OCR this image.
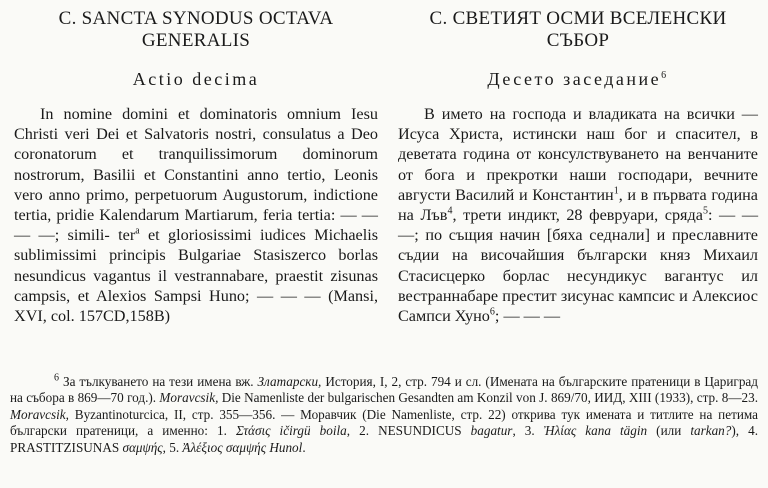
C. SANCTA SYNODUS OCTAVA GENERALIS
Actio decima
In nomine domini et dominatoris omnium Iesu Christi veri Dei et Salvatoris nostri, consulatus a Deo coronatorum et tranquilissimorum dominorum nostrorum, Basilii et Constantini anno tertio, Leonis vero anno primo, perpetuorum Augustorum, indictione tertia, pridie Kalendarum Martiarum, feria tertia: — — — —; simili- ter$^a$ et gloriosissimi iudices Michaelis sublimissimi principis Bulgariae Stasiszerco borlas nesundicus vagantus il vestrannabare, praestit zisunas campsis, et Alexios Sampsi Huno; — — — (Mansi, XVI, col. 157CD,158B)
C. СВЕТИЯТ ОСМИ ВСЕЛЕНСКИ СЪБОР
Десето заседание$^6$
В името на господа и владиката на всички — Исуса Христа, истински наш бог и спасител, в деветата година от консулствуването на венчаните от бога и прекротки наши господари, вечните августи Василий и Константин$^1$, и в първата година на Лъв$^4$, трети индикт, 28 февруари, сряда$^5$: — — —; по същия начин [бяха седнали] и преславните съдии на височайшия български княз Михаил Стасисцерко борлас несундикус вагантус ил вестраннабаре престит зисунас кампсис и Алексиос Сампси Хуно$^6$; — — —
$^6$ За тълкуването на тези имена вж. Златарски, История, I, 2, стр. 794 и сл. (Имената на българските пратеници в Цариград на събора в 869—70 год.). Moravcsik, Die Namenliste der bulgarischen Gesandten am Konzil von J. 869/70, ИИД, XIII (1933), стр. 8—23. Moravcsik, Byzantinoturcica, II, стр. 355—356. — Моравчик (Die Namenliste, стр. 22) открива тук имената и титлите на петима български пратеници, а именно: 1. Στάσις ičirgü boila, 2. NESUNDICUS bagatur, 3. Ἠλίας kana tägin (или tarkan?), 4. PRASTITZISUNAS σαμψής, 5. Ἀλέξιος σαμψής Hunol.
